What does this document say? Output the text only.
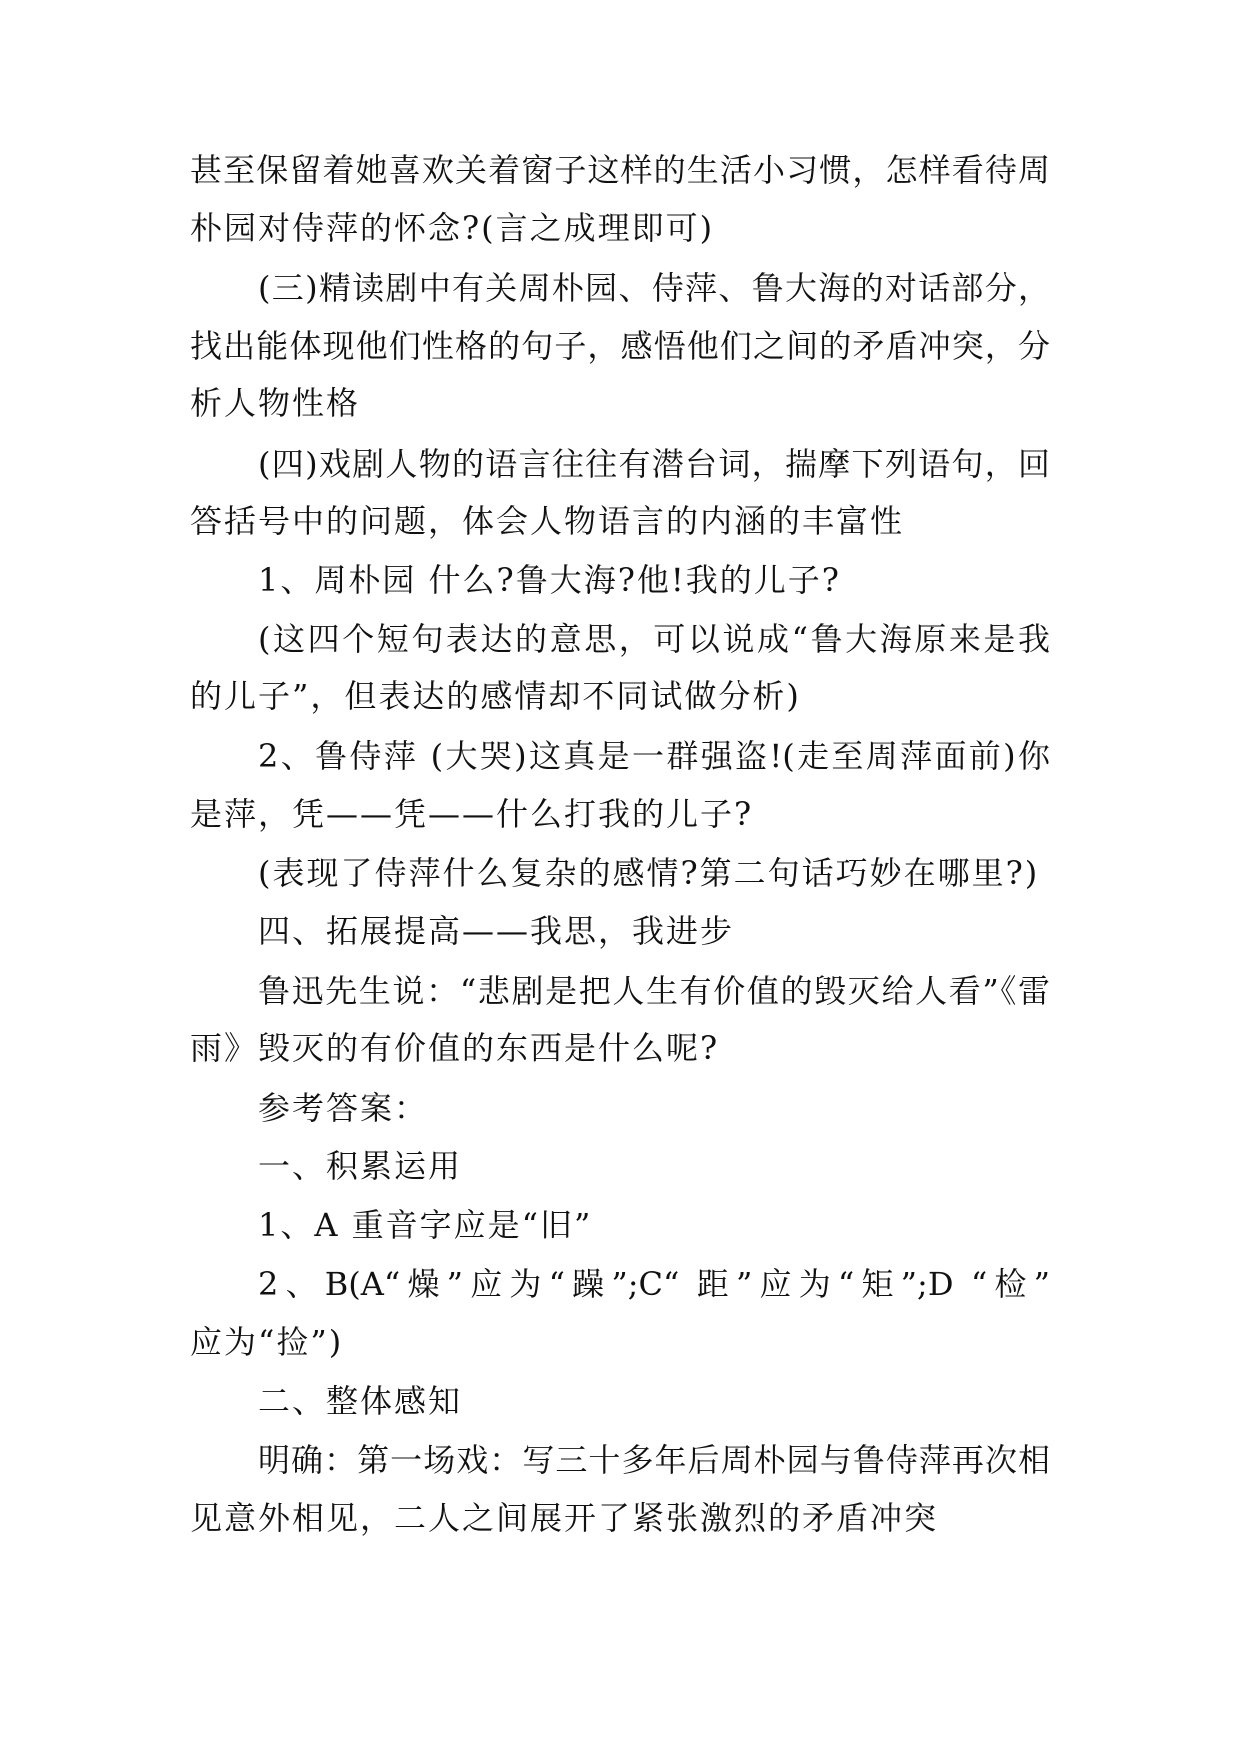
甚至保留着她喜欢关着窗子这样的生活小习惯，怎样看待周
朴园对侍萍的怀念?(言之成理即可)
(三)精读剧中有关周朴园、侍萍、鲁大海的对话部分，
找出能体现他们性格的句子，感悟他们之间的矛盾冲突，分
析人物性格
(四)戏剧人物的语言往往有潜台词，揣摩下列语句，回
答括号中的问题，体会人物语言的内涵的丰富性
1、周朴园 什么?鲁大海?他!我的儿子?
(这四个短句表达的意思，可以说成“鲁大海原来是我
的儿子”，但表达的感情却不同试做分析)
2、鲁侍萍 (大哭)这真是一群强盗!(走至周萍面前)你
是萍，凭——凭——什么打我的儿子?
(表现了侍萍什么复杂的感情?第二句话巧妙在哪里?)
四、拓展提高——我思，我进步
鲁迅先生说：“悲剧是把人生有价值的毁灭给人看”《雷
雨》毁灭的有价值的东西是什么呢?
参考答案：
一、积累运用
1、A 重音字应是“旧”
2、B(A“燥”应为“躁”;C“ 距”应为“矩”;D “检”
应为“捡”)
二、整体感知
明确：第一场戏：写三十多年后周朴园与鲁侍萍再次相
见意外相见，二人之间展开了紧张激烈的矛盾冲突
